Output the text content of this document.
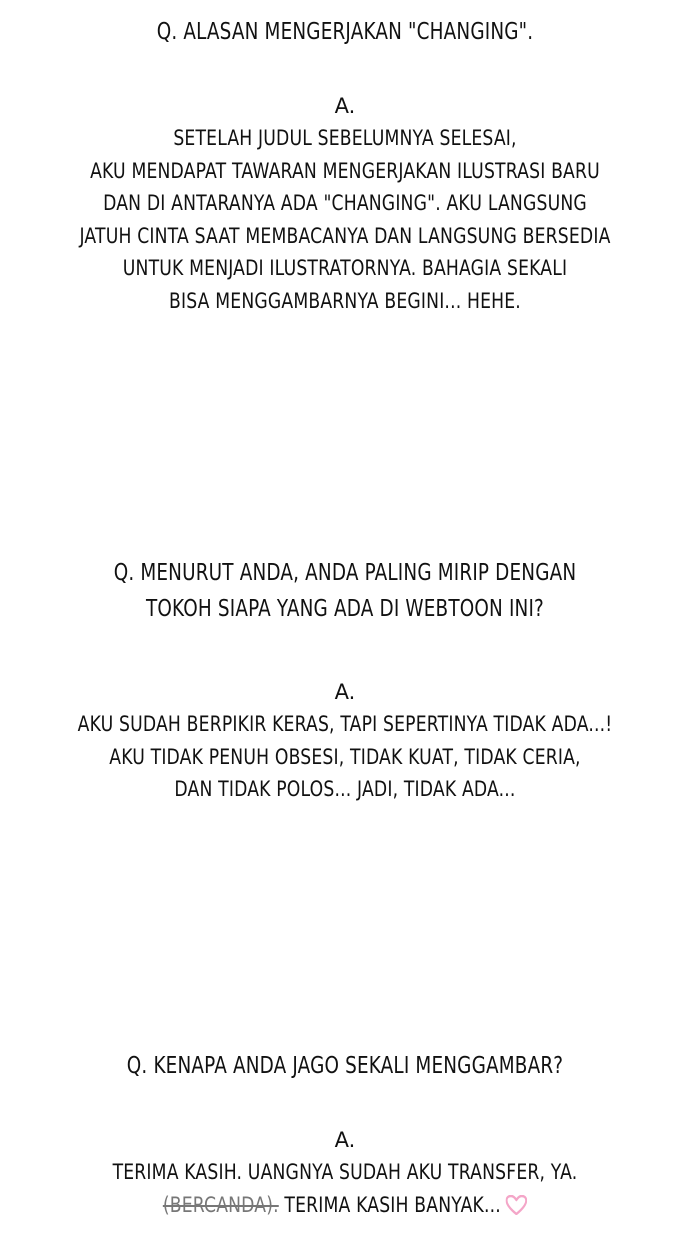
Q. ALASAN MENGERJAKAN "CHANGING".
A.
SETELAH JUDUL SEBELUMNYA SELESAI,
AKU MENDAPAT TAWARAN MENGERJAKAN ILUSTRASI BARU
DAN DI ANTARANYA ADA "CHANGING". AKU LANGSUNG
JATUH CINTA SAAT MEMBACANYA DAN LANGSUNG BERSEDIA
UNTUK MENJADI ILUSTRATORNYA. BAHAGIA SEKALI
BISA MENGGAMBARNYA BEGINI... HEHE.
Q. MENURUT ANDA, ANDA PALING MIRIP DENGAN
TOKOH SIAPA YANG ADA DI WEBTOON INI?
A.
AKU SUDAH BERPIKIR KERAS, TAPI SEPERTINYA TIDAK ADA...!
AKU TIDAK PENUH OBSESI, TIDAK KUAT, TIDAK CERIA,
DAN TIDAK POLOS... JADI, TIDAK ADA...
Q. KENAPA ANDA JAGO SEKALI MENGGAMBAR?
A.
TERIMA KASIH. UANGNYA SUDAH AKU TRANSFER, YA.
(BERCANDA). TERIMA KASIH BANYAK...
